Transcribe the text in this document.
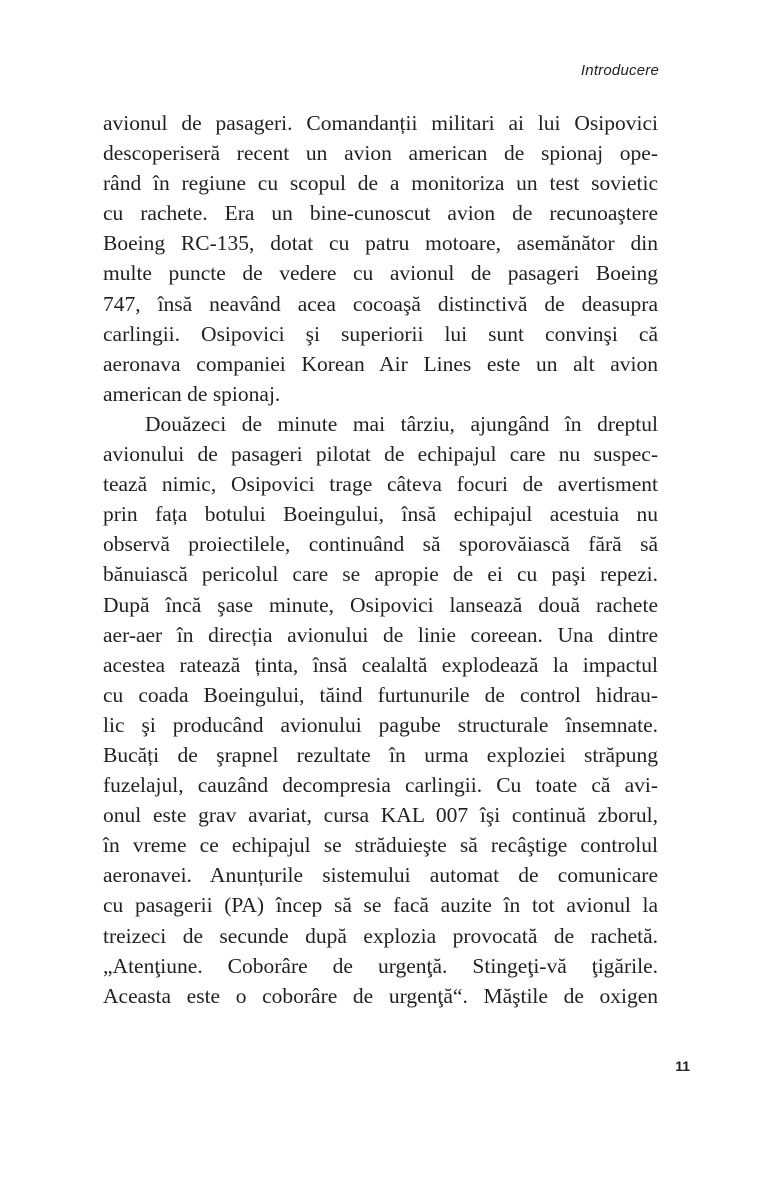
Introducere
avionul de pasageri. Comandanții militari ai lui Osipovici
descoperiseră recent un avion american de spionaj ope-
rând în regiune cu scopul de a monitoriza un test sovietic
cu rachete. Era un bine-cunoscut avion de recunoaştere
Boeing RC-135, dotat cu patru motoare, asemănător din
multe puncte de vedere cu avionul de pasageri Boeing
747, însă neavând acea cocoaşă distinctivă de deasupra
carlingii. Osipovici şi superiorii lui sunt convinşi că
aeronava companiei Korean Air Lines este un alt avion
american de spionaj.
Douăzeci de minute mai târziu, ajungând în dreptul
avionului de pasageri pilotat de echipajul care nu suspec-
tează nimic, Osipovici trage câteva focuri de avertisment
prin fața botului Boeingului, însă echipajul acestuia nu
observă proiectilele, continuând să sporovăiască fără să
bănuiască pericolul care se apropie de ei cu paşi repezi.
După încă şase minute, Osipovici lansează două rachete
aer-aer în direcția avionului de linie coreean. Una dintre
acestea ratează ținta, însă cealaltă explodează la impactul
cu coada Boeingului, tăind furtunurile de control hidrau-
lic şi producând avionului pagube structurale însemnate.
Bucăți de şrapnel rezultate în urma exploziei străpung
fuzelajul, cauzând decompresia carlingii. Cu toate că avi-
onul este grav avariat, cursa KAL 007 îşi continuă zborul,
în vreme ce echipajul se străduieşte să recâştige controlul
aeronavei. Anunțurile sistemului automat de comunicare
cu pasagerii (PA) încep să se facă auzite în tot avionul la
treizeci de secunde după explozia provocată de rachetă.
„Atenţiune. Coborâre de urgenţă. Stingeţi-vă ţigările.
Aceasta este o coborâre de urgenţă“. Măştile de oxigen
11
